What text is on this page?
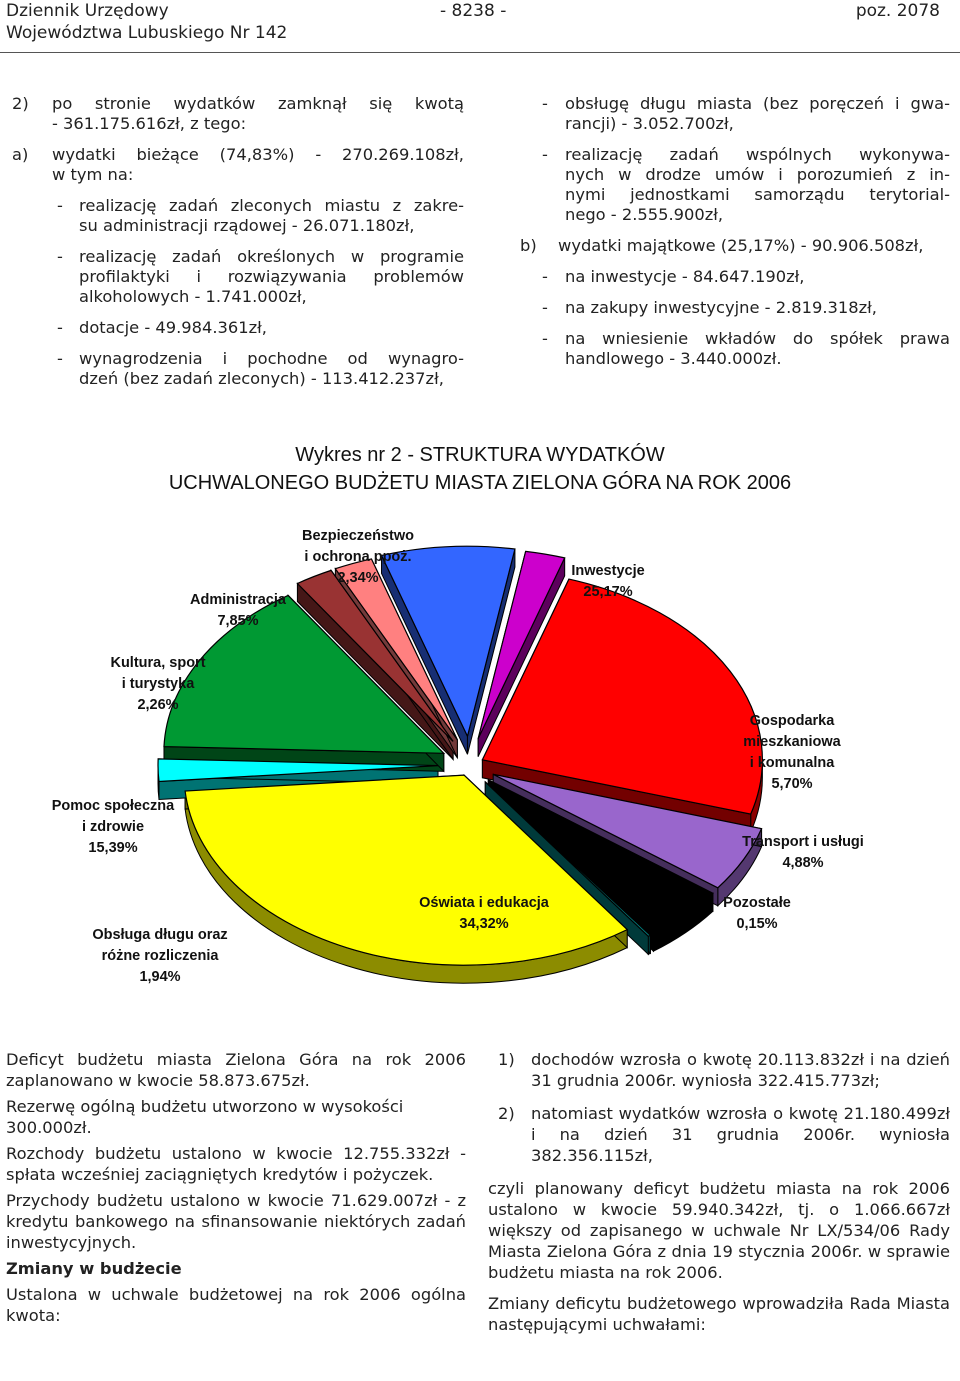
Dziennik Urzędowy
Województwa Lubuskiego Nr 142
- 8238 -	poz. 2078
2) po stronie wydatków zamknął się kwotą
- 361.175.616zł, z tego:
a) wydatki bieżące (74,83%) - 270.269.108zł,
w tym na:
- realizację zadań zleconych miastu z zakre-
su administracji rządowej - 26.071.180zł,
- realizację zadań określonych w programie
profilaktyki i rozwiązywania problemów
alkoholowych - 1.741.000zł,
- dotacje - 49.984.361zł,
- wynagrodzenia i pochodne od wynagro-
dzeń (bez zadań zleconych) - 113.412.237zł,
- obsługę długu miasta (bez poręczeń i gwa-
rancji) - 3.052.700zł,
- realizację zadań wspólnych wykonywa-
nych w drodze umów i porozumień z in-
nymi jednostkami samorządu terytorial-
nego - 2.555.900zł,
b) wydatki majątkowe (25,17%) - 90.906.508zł,
- na inwestycje - 84.647.190zł,
- na zakupy inwestycyjne - 2.819.318zł,
- na wniesienie wkładów do spółek prawa
handlowego - 3.440.000zł.
Wykres nr 2 - STRUKTURA WYDATKÓW
UCHWALONEGO BUDŻETU MIASTA ZIELONA GÓRA NA ROK 2006
Inwestycje
25,17%
Gospodarka
mieszkaniowa
i komunalna
5,70%
Transport i usługi
4,88%
Pozostałe
0,15%
Oświata i edukacja
34,32%
Obsługa długu oraz
różne rozliczenia
1,94%
Pomoc społeczna
i zdrowie
15,39%
Kultura, sport
i turystyka
2,26%
Administracja
7,85%
Bezpieczeństwo
i ochrona ppoż.
2,34%

Deficyt budżetu miasta Zielona Góra na rok 2006 zaplanowano w kwocie 58.873.675zł.

Rezerwę ogólną budżetu utworzono w wysokości 300.000zł.

Rozchody budżetu ustalono w kwocie 12.755.332zł - spłata wcześniej zaciągniętych kredytów i pożyczek.

Przychody budżetu ustalono w kwocie 71.629.007zł - z kredytu bankowego na sfinansowanie niektórych zadań inwestycyjnych.

Zmiany w budżecie

Ustalona w uchwale budżetowej na rok 2006 ogólna kwota:

1) dochodów wzrosła o kwotę 20.113.832zł i na dzień 31 grudnia 2006r. wyniosła 322.415.773zł;
2) natomiast wydatków wzrosła o kwotę 21.180.499zł i na dzień 31 grudnia 2006r. wyniosła 382.356.115zł,

czyli planowany deficyt budżetu miasta na rok 2006 ustalono w kwocie 59.940.342zł, tj. o 1.066.667zł większy od zapisanego w uchwale Nr LX/534/06 Rady Miasta Zielona Góra z dnia 19 stycznia 2006r. w sprawie budżetu miasta na rok 2006.

Zmiany deficytu budżetowego wprowadziła Rada Miasta następującymi uchwałami:
